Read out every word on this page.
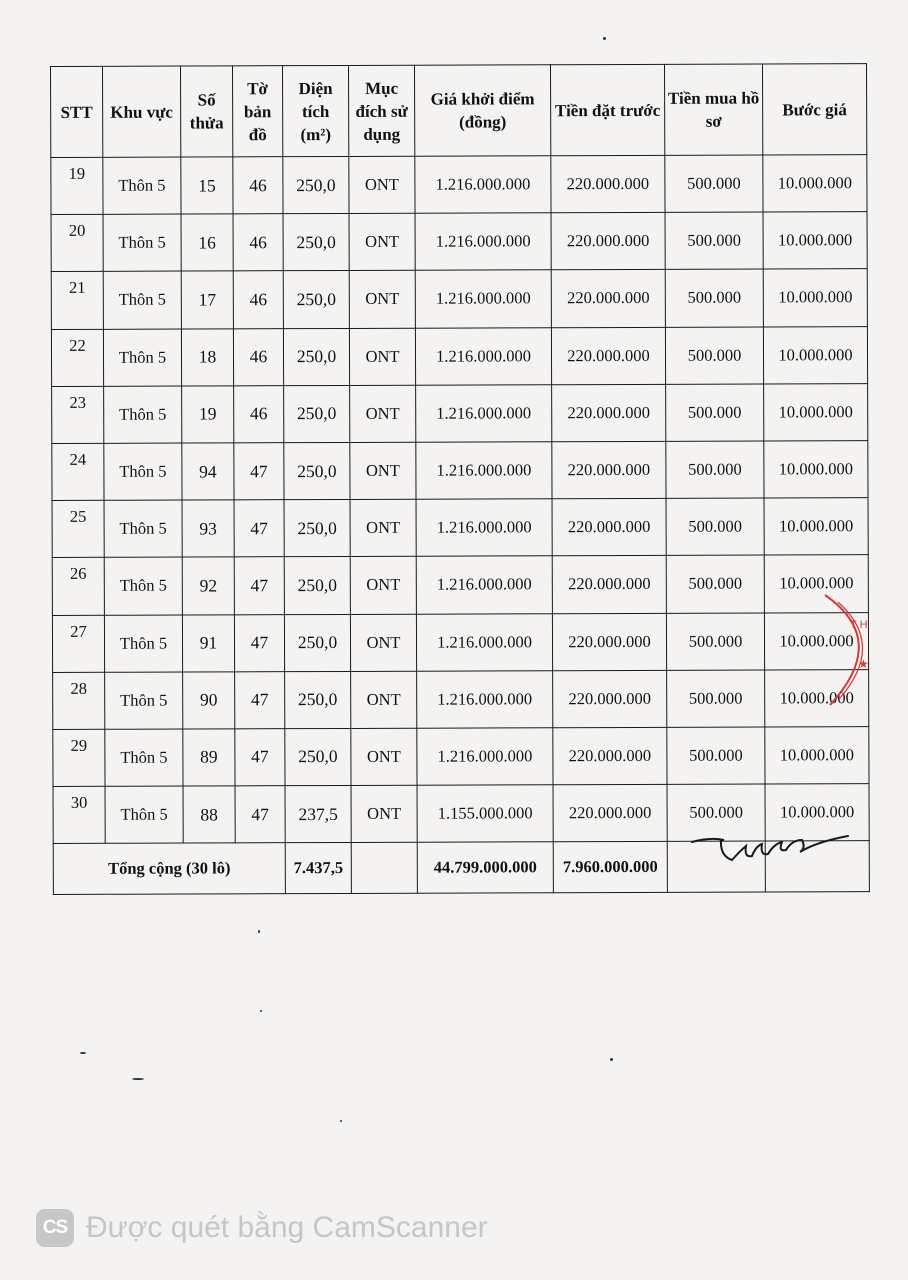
STT	Khu vực	Số thửa	Tờ bản đồ	Diện tích (m²)	Mục đích sử dụng	Giá khởi điểm (đồng)	Tiền đặt trước	Tiền mua hồ sơ	Bước giá
19	Thôn 5	15	46	250,0	ONT	1.216.000.000	220.000.000	500.000	10.000.000
20	Thôn 5	16	46	250,0	ONT	1.216.000.000	220.000.000	500.000	10.000.000
21	Thôn 5	17	46	250,0	ONT	1.216.000.000	220.000.000	500.000	10.000.000
22	Thôn 5	18	46	250,0	ONT	1.216.000.000	220.000.000	500.000	10.000.000
23	Thôn 5	19	46	250,0	ONT	1.216.000.000	220.000.000	500.000	10.000.000
24	Thôn 5	94	47	250,0	ONT	1.216.000.000	220.000.000	500.000	10.000.000
25	Thôn 5	93	47	250,0	ONT	1.216.000.000	220.000.000	500.000	10.000.000
26	Thôn 5	92	47	250,0	ONT	1.216.000.000	220.000.000	500.000	10.000.000
27	Thôn 5	91	47	250,0	ONT	1.216.000.000	220.000.000	500.000	10.000.000
28	Thôn 5	90	47	250,0	ONT	1.216.000.000	220.000.000	500.000	10.000.000
29	Thôn 5	89	47	250,0	ONT	1.216.000.000	220.000.000	500.000	10.000.000
30	Thôn 5	88	47	237,5	ONT	1.155.000.000	220.000.000	500.000	10.000.000
Tổng cộng (30 lô)				7.437,5		44.799.000.000	7.960.000.000		
T H
★
CS Được quét bằng CamScanner
